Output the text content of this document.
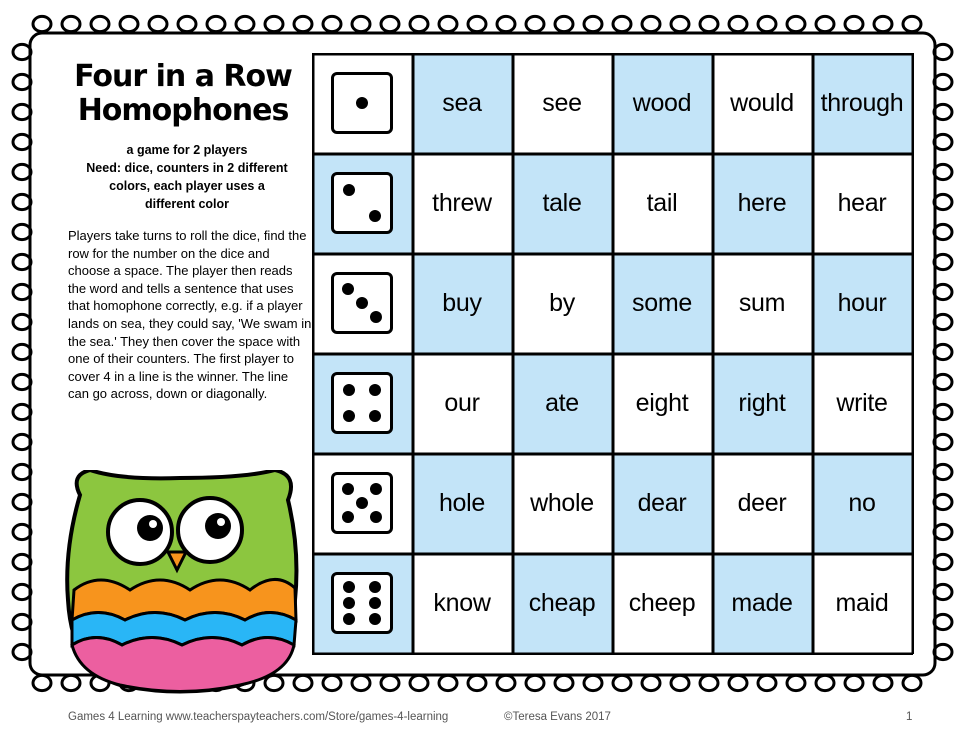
Four in a Row
Homophones
a game for 2 players
Need: dice, counters in 2 different
colors, each player uses a
different color
Players take turns to roll the dice, find the row for the number on the dice and choose a space. The player then reads the word and tells a sentence that uses that homophone correctly, e.g. if a player lands on sea, they could say, 'We swam in the sea.' They then cover the space with one of their counters. The first player to cover 4 in a line is the winner. The line can go across, down or diagonally.
sea see wood would through
threw tale	tail here hear
buy	by some sum hour
our	ate eight right write
hole whole dear deer no
know cheap cheep made maid
Games 4 Learning www.teacherspayteachers.com/Store/games-4-learning	©Teresa Evans 2017	1
